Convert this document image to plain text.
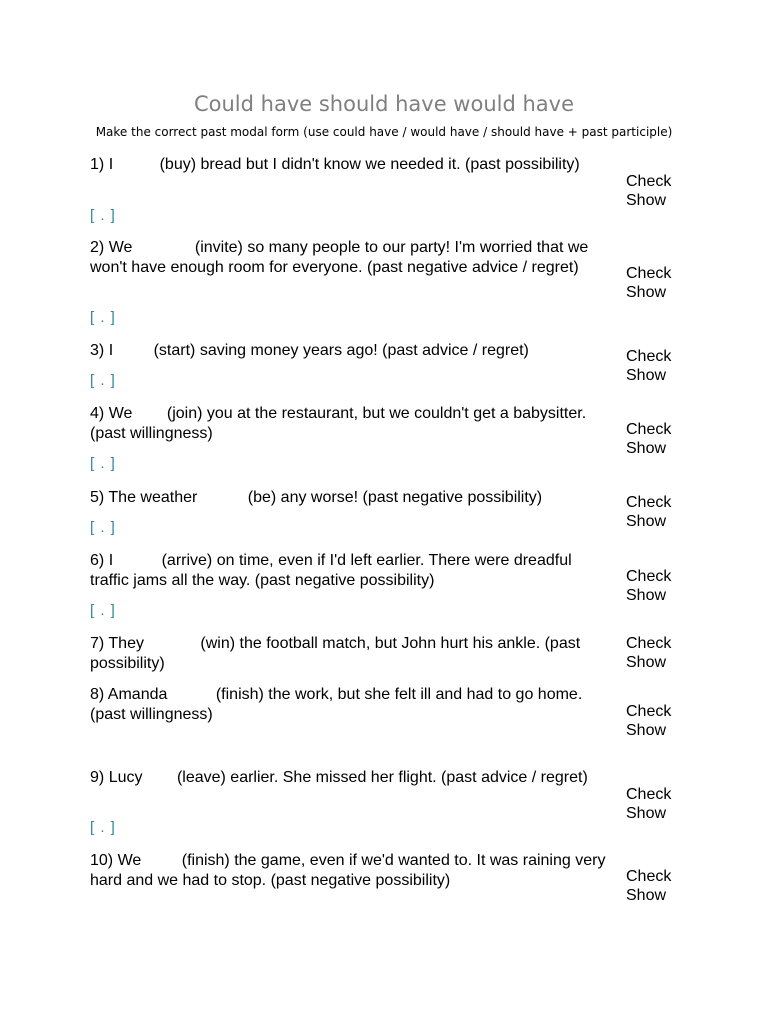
Could have should have would have
Make the correct past modal form (use could have / would have / should have + past participle)
1) I	(buy) bread but I didn't know we needed it. (past possibility)
[ . ]
Check
Show
2) We	(invite) so many people to our party! I'm worried that we won't have enough room for everyone. (past negative advice / regret)
[ . ]
Check
Show
3) I	(start) saving money years ago! (past advice / regret)
[ . ]
Check
Show
4) We (join) you at the restaurant, but we couldn't get a babysitter. (past willingness)
[ . ]
Check
Show
5) The weather	(be) any worse! (past negative possibility)
[ . ]
Check
Show
6) I	(arrive) on time, even if I'd left earlier. There were dreadful traffic jams all the way. (past negative possibility)
[ . ]
Check
Show
7) They	(win) the football match, but John hurt his ankle. (past possibility)
Check
Show
8) Amanda	(finish) the work, but she felt ill and had to go home. (past willingness)	Check
Show
9) Lucy (leave) earlier. She missed her flight. (past advice / regret)
[ . ]
Check
Show
10) We	(finish) the game, even if we'd wanted to. It was raining very hard and we had to stop. (past negative possibility)	Check
Show
